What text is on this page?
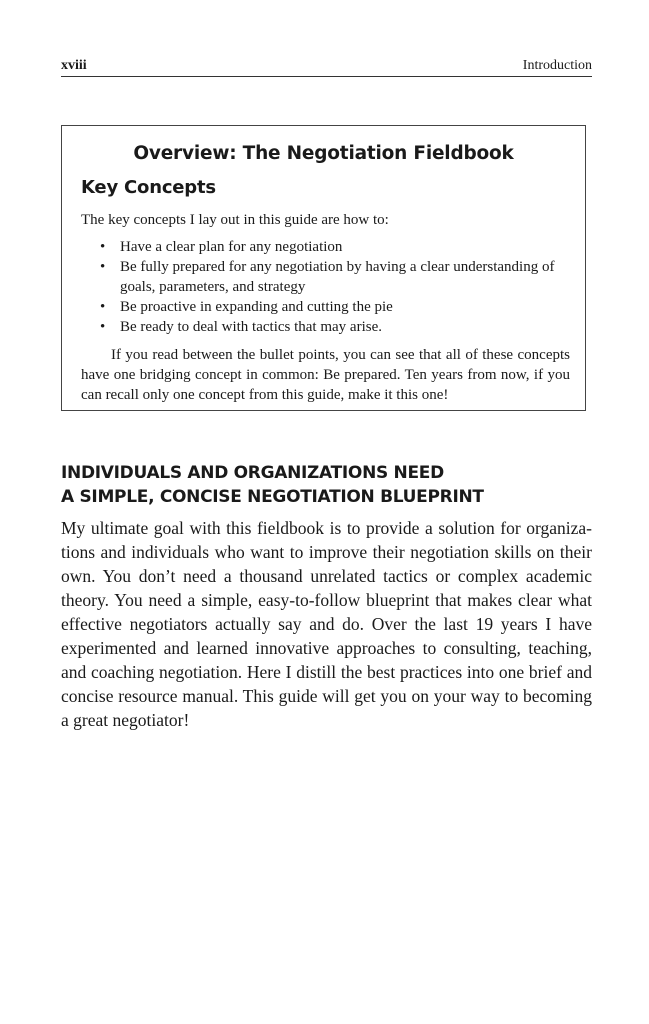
xviii	Introduction
Overview: The Negotiation Fieldbook
Key Concepts
The key concepts I lay out in this guide are how to:
• Have a clear plan for any negotiation
• Be fully prepared for any negotiation by having a clear understanding of goals, parameters, and strategy
• Be proactive in expanding and cutting the pie
• Be ready to deal with tactics that may arise.

If you read between the bullet points, you can see that all of these concepts have one bridging concept in common: Be prepared. Ten years from now, if you can recall only one concept from this guide, make it this one!

INDIVIDUALS AND ORGANIZATIONS NEED
A SIMPLE, CONCISE NEGOTIATION BLUEPRINT

My ultimate goal with this fieldbook is to provide a solution for organizations and individuals who want to improve their negotiation skills on their own. You don’t need a thousand unrelated tactics or complex academic theory. You need a simple, easy-to-follow blueprint that makes clear what effective negotiators actually say and do. Over the last 19 years I have experimented and learned innovative approaches to consulting, teaching, and coaching negotiation. Here I distill the best practices into one brief and concise resource manual. This guide will get you on your way to becoming a great negotiator!
